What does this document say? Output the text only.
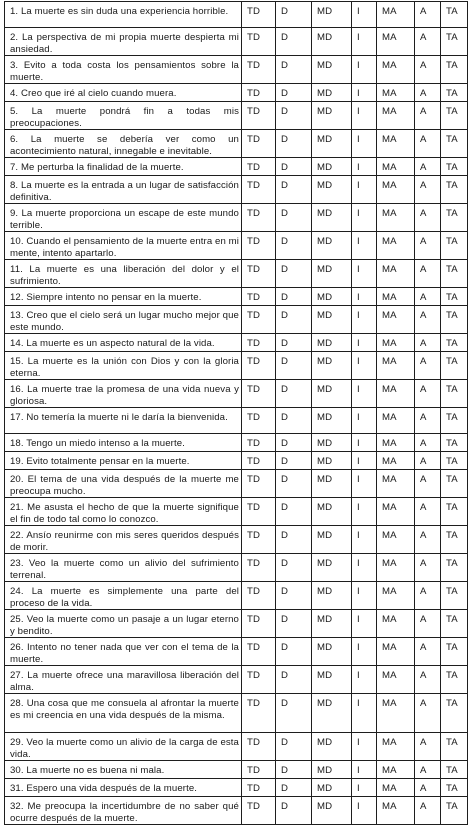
1. La muerte es sin duda una experiencia horrible.	TD	D	MD	I	MA	A	TA
2. La perspectiva de mi propia muerte despierta mi ansiedad.	TD	D	MD	I	MA	A	TA
3. Evito a toda costa los pensamientos sobre la muerte.	TD	D	MD	I	MA	A	TA
4. Creo que iré al cielo cuando muera.	TD	D	MD	I	MA	A	TA
5. La muerte pondrá fin a todas mis preocupaciones.	TD	D	MD	I	MA	A	TA
6. La muerte se debería ver como un acontecimiento natural, innegable e inevitable.	TD	D	MD	I	MA	A	TA
7. Me perturba la finalidad de la muerte.	TD	D	MD	I	MA	A	TA
8. La muerte es la entrada a un lugar de satisfacción definitiva.	TD	D	MD	I	MA	A	TA
9. La muerte proporciona un escape de este mundo terrible.	TD	D	MD	I	MA	A	TA
10. Cuando el pensamiento de la muerte entra en mi mente, intento apartarlo.	TD	D	MD	I	MA	A	TA
11. La muerte es una liberación del dolor y el sufrimiento.	TD	D	MD	I	MA	A	TA
12. Siempre intento no pensar en la muerte.	TD	D	MD	I	MA	A	TA
13. Creo que el cielo será un lugar mucho mejor que este mundo.	TD	D	MD	I	MA	A	TA
14. La muerte es un aspecto natural de la vida.	TD	D	MD	I	MA	A	TA
15. La muerte es la unión con Dios y con la gloria eterna.	TD	D	MD	I	MA	A	TA
16. La muerte trae la promesa de una vida nueva y gloriosa.	TD	D	MD	I	MA	A	TA
17. No temería la muerte ni le daría la bienvenida.	TD	D	MD	I	MA	A	TA
18. Tengo un miedo intenso a la muerte.	TD	D	MD	I	MA	A	TA
19. Evito totalmente pensar en la muerte.	TD	D	MD	I	MA	A	TA
20. El tema de una vida después de la muerte me preocupa mucho.	TD	D	MD	I	MA	A	TA
21. Me asusta el hecho de que la muerte signifique el fin de todo tal como lo conozco.	TD	D	MD	I	MA	A	TA
22. Ansío reunirme con mis seres queridos después de morir.	TD	D	MD	I	MA	A	TA
23. Veo la muerte como un alivio del sufrimiento terrenal.	TD	D	MD	I	MA	A	TA
24. La muerte es simplemente una parte del proceso de la vida.	TD	D	MD	I	MA	A	TA
25. Veo la muerte como un pasaje a un lugar eterno y bendito.	TD	D	MD	I	MA	A	TA
26. Intento no tener nada que ver con el tema de la muerte.	TD	D	MD	I	MA	A	TA
27. La muerte ofrece una maravillosa liberación del alma.	TD	D	MD	I	MA	A	TA
28. Una cosa que me consuela al afrontar la muerte es mi creencia en una vida después de la misma.	TD	D	MD	I	MA	A	TA
29. Veo la muerte como un alivio de la carga de esta vida.	TD	D	MD	I	MA	A	TA
30. La muerte no es buena ni mala.	TD	D	MD	I	MA	A	TA
31. Espero una vida después de la muerte.	TD	D	MD	I	MA	A	TA
32. Me preocupa la incertidumbre de no saber qué ocurre después de la muerte.	TD	D	MD	I	MA	A	TA
